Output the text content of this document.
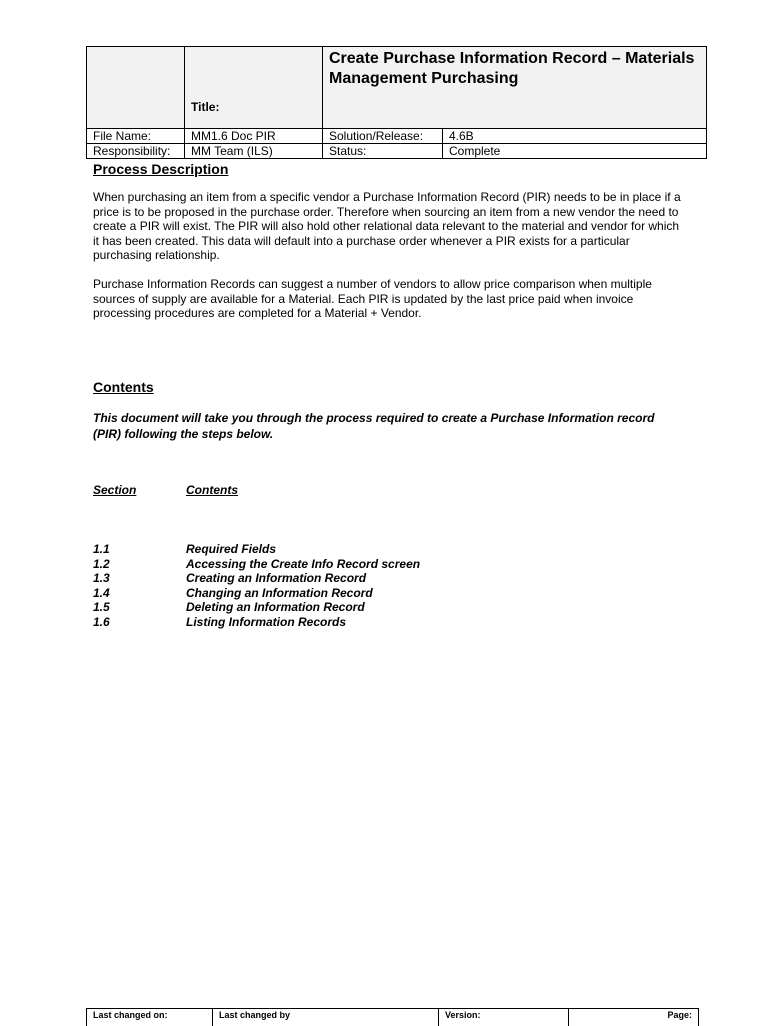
	Title:	Create Purchase Information Record – Materials Management Purchasing	
File Name:	MM1.6 Doc PIR	Solution/Release:	4.6B
Responsibility:	MM Team (ILS)	Status:	Complete
Process Description

When purchasing an item from a specific vendor a Purchase Information Record (PIR) needs to be in place if a price is to be proposed in the purchase order. Therefore when sourcing an item from a new vendor the need to create a PIR will exist. The PIR will also hold other relational data relevant to the material and vendor for which it has been created. This data will default into a purchase order whenever a PIR exists for a particular purchasing relationship.

Purchase Information Records can suggest a number of vendors to allow price comparison when multiple sources of supply are available for a Material. Each PIR is updated by the last price paid when invoice processing procedures are completed for a Material + Vendor.

Contents

This document will take you through the process required to create a Purchase Information record (PIR) following the steps below.

Section	Contents
1.1	Required Fields
1.2	Accessing the Create Info Record screen
1.3	Creating an Information Record
1.4	Changing an Information Record
1.5	Deleting an Information Record
1.6	Listing Information Records
Last changed on:	Last changed by	Version:	Page:
